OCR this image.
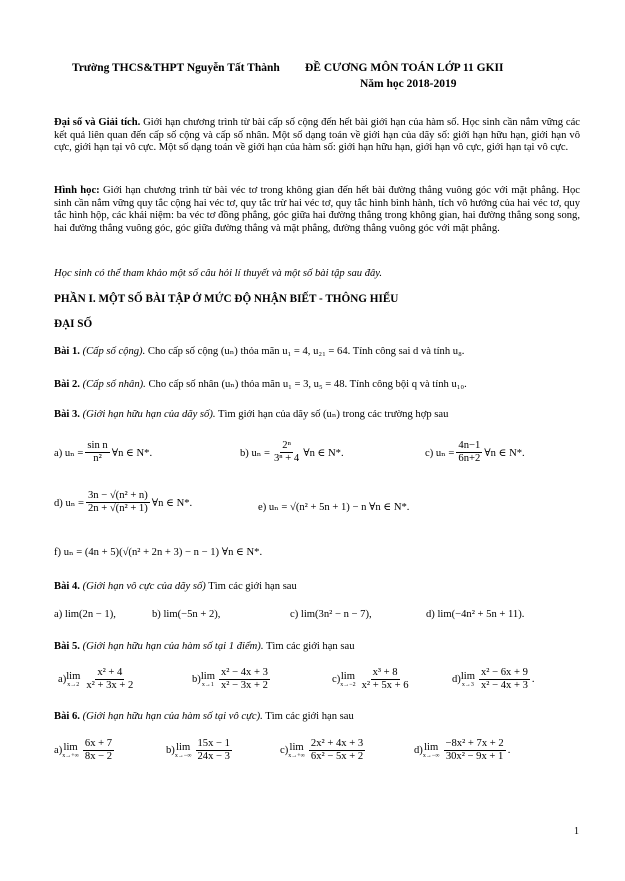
Trường THCS&THPT Nguyễn Tất Thành ĐỀ CƯƠNG MÔN TOÁN LỚP 11 GKII
Năm học 2018-2019
Đại số và Giải tích. Giới hạn chương trình từ bài cấp số cộng đến hết bài giới hạn của hàm số. Học sinh cần nắm vững các kết quả liên quan đến cấp số cộng và cấp số nhân. Một số dạng toán về giới hạn của dãy số: giới hạn hữu hạn, giới hạn vô cực, giới hạn tại vô cực. Một số dạng toán về giới hạn của hàm số: giới hạn hữu hạn, giới hạn vô cực, giới hạn tại vô cực.
Hình học: Giới hạn chương trình từ bài véc tơ trong không gian đến hết bài đường thẳng vuông góc với mặt phẳng. Học sinh cần nắm vững quy tắc cộng hai véc tơ, quy tắc trừ hai véc tơ, quy tắc hình bình hành, tích vô hướng của hai véc tơ, quy tắc hình hộp, các khái niệm: ba véc tơ đồng phẳng, góc giữa hai đường thẳng trong không gian, hai đường thẳng song song, hai đường thẳng vuông góc, góc giữa đường thẳng và mặt phẳng, đường thẳng vuông góc với mặt phẳng.
Học sinh có thể tham khảo một số câu hỏi lí thuyết và một số bài tập sau đây.
PHẦN I. MỘT SỐ BÀI TẬP Ở MỨC ĐỘ NHẬN BIẾT - THÔNG HIỂU
ĐẠI SỐ
Bài 1. (Cấp số cộng). Cho cấp số cộng (uₙ) thỏa mãn u₁ = 4, u₂₁ = 64. Tính công sai d và tính u₈.
Bài 2. (Cấp số nhân). Cho cấp số nhân (uₙ) thỏa mãn u₁ = 3, u₅ = 48. Tính công bội q và tính u₁₀.
Bài 3. (Giới hạn hữu hạn của dãy số). Tìm giới hạn của dãy số (uₙ) trong các trường hợp sau
a) $u_n = \frac{\text{sin n}}{\text{n²}}$ ∀n ∈ N*.	b) $u_n = \frac{\text{2ⁿ}}{\text{3ⁿ + 4}}$ ∀n ∈ N*.	c) $u_n = \frac{4n-1}{6n+2}$ ∀n ∈ N*.
d) $u_n = \frac{\text{3n − √(n² + n)}}{\text{2n + √(n² + 1)}}$ ∀n ∈ N*.	e) uₙ = √(n² + 5n + 1) − n ∀n ∈ N*.
f) uₙ = (4n + 5)(√(n² + 2n + 3) − n − 1) ∀n ∈ N*.
Bài 4. (Giới hạn vô cực của dãy số) Tìm các giới hạn sau
a) lim(2n − 1),	b) lim(−5n + 2),	c) lim(3n² − n − 7),	d) lim(−4n² + 5n + 11).
Bài 5. (Giới hạn hữu hạn của hàm số tại 1 điểm). Tìm các giới hạn sau
a) lim
$x\to 2 \frac{\text{x² + 4}}{\text{x² + 3x + 2}}$	b) lim
$x\to 1 \frac{\text{x² − 4x + 3}}{\text{x² − 3x + 2}}$	c) lim
$x\to-2 \frac{\text{x³ + 8}}{\text{x² + 5x + 6}}$	d) lim
$x\to 3 \frac{\text{x² − 6x + 9}}{\text{x² − 4x + 3}}$ .
Bài 6. (Giới hạn hữu hạn của hàm số tại vô cực). Tìm các giới hạn sau
a) lim
$x\to+\infty \frac{6x + 7}{8x - 2}$	b) lim
$x\to-\infty \frac{15x - 1}{24x - 3}$	c) lim
$x\to+\infty \frac{\text{2x² + 4x + 3}}{\text{6x² − 5x + 2}}$	d) lim
$x\to-\infty \frac{\text{−8x² + 7x + 2}}{\text{30x² − 9x + 1}}$ .
1
